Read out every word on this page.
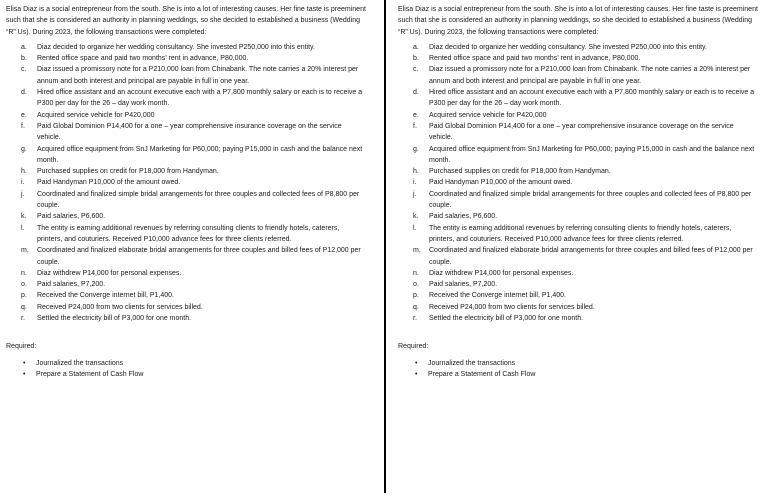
Elisa Diaz is a social entrepreneur from the south. She is into a lot of interesting causes. Her fine taste is preeminent such that she is considered an authority in planning weddings, so she decided to established a business (Wedding “R” Us). During 2023, the following transactions were completed:

a. Diaz decided to organize her wedding consultancy. She invested P250,000 into this entity.
b. Rented office space and paid two months’ rent in advance, P80,000.
c. Diaz issued a promissory note for a P210,000 loan from Chinabank. The note carries a 20% interest per annum and both interest and principal are payable in full in one year.
d. Hired office assistant and an account executive each with a P7,800 monthly salary or each is to receive a P300 per day for the 26 – day work month.
e. Acquired service vehicle for P420,000
f. Paid Global Dominion P14,400 for a one – year comprehensive insurance coverage on the service vehicle.
g. Acquired office equipment from SnJ Marketing for P60,000; paying P15,000 in cash and the balance next month.
h. Purchased supplies on credit for P18,000 from Handyman.
i. Paid Handyman P10,000 of the amount owed.
j. Coordinated and finalized simple bridal arrangements for three couples and collected fees of P8,800 per couple.
k. Paid salaries, P6,600.
l. The entity is earning additional revenues by referring consulting clients to friendly hotels, caterers, printers, and couturiers. Received P10,000 advance fees for three clients referred.
m. Coordinated and finalized elaborate bridal arrangements for three couples and billed fees of P12,000 per couple.
n. Diaz withdrew P14,000 for personal expenses.
o. Paid salaries, P7,200.
p. Received the Converge internet bill, P1,400.
q. Received P24,000 from two clients for services billed.
r. Settled the electricity bill of P3,000 for one month.

Required:

• Journalized the transactions
• Prepare a Statement of Cash Flow

Elisa Diaz is a social entrepreneur from the south. She is into a lot of interesting causes. Her fine taste is preeminent such that she is considered an authority in planning weddings, so she decided to established a business (Wedding “R” Us). During 2023, the following transactions were completed:

a. Diaz decided to organize her wedding consultancy. She invested P250,000 into this entity.
b. Rented office space and paid two months’ rent in advance, P80,000.
c. Diaz issued a promissory note for a P210,000 loan from Chinabank. The note carries a 20% interest per annum and both interest and principal are payable in full in one year.
d. Hired office assistant and an account executive each with a P7,800 monthly salary or each is to receive a P300 per day for the 26 – day work month.
e. Acquired service vehicle for P420,000
f. Paid Global Dominion P14,400 for a one – year comprehensive insurance coverage on the service vehicle.
g. Acquired office equipment from SnJ Marketing for P60,000; paying P15,000 in cash and the balance next month.
h. Purchased supplies on credit for P18,000 from Handyman.
i. Paid Handyman P10,000 of the amount owed.
j. Coordinated and finalized simple bridal arrangements for three couples and collected fees of P8,800 per couple.
k. Paid salaries, P6,600.
l. The entity is earning additional revenues by referring consulting clients to friendly hotels, caterers, printers, and couturiers. Received P10,000 advance fees for three clients referred.
m. Coordinated and finalized elaborate bridal arrangements for three couples and billed fees of P12,000 per couple.
n. Diaz withdrew P14,000 for personal expenses.
o. Paid salaries, P7,200.
p. Received the Converge internet bill, P1,400.
q. Received P24,000 from two clients for services billed.
r. Settled the electricity bill of P3,000 for one month.

Required:

• Journalized the transactions
• Prepare a Statement of Cash Flow
